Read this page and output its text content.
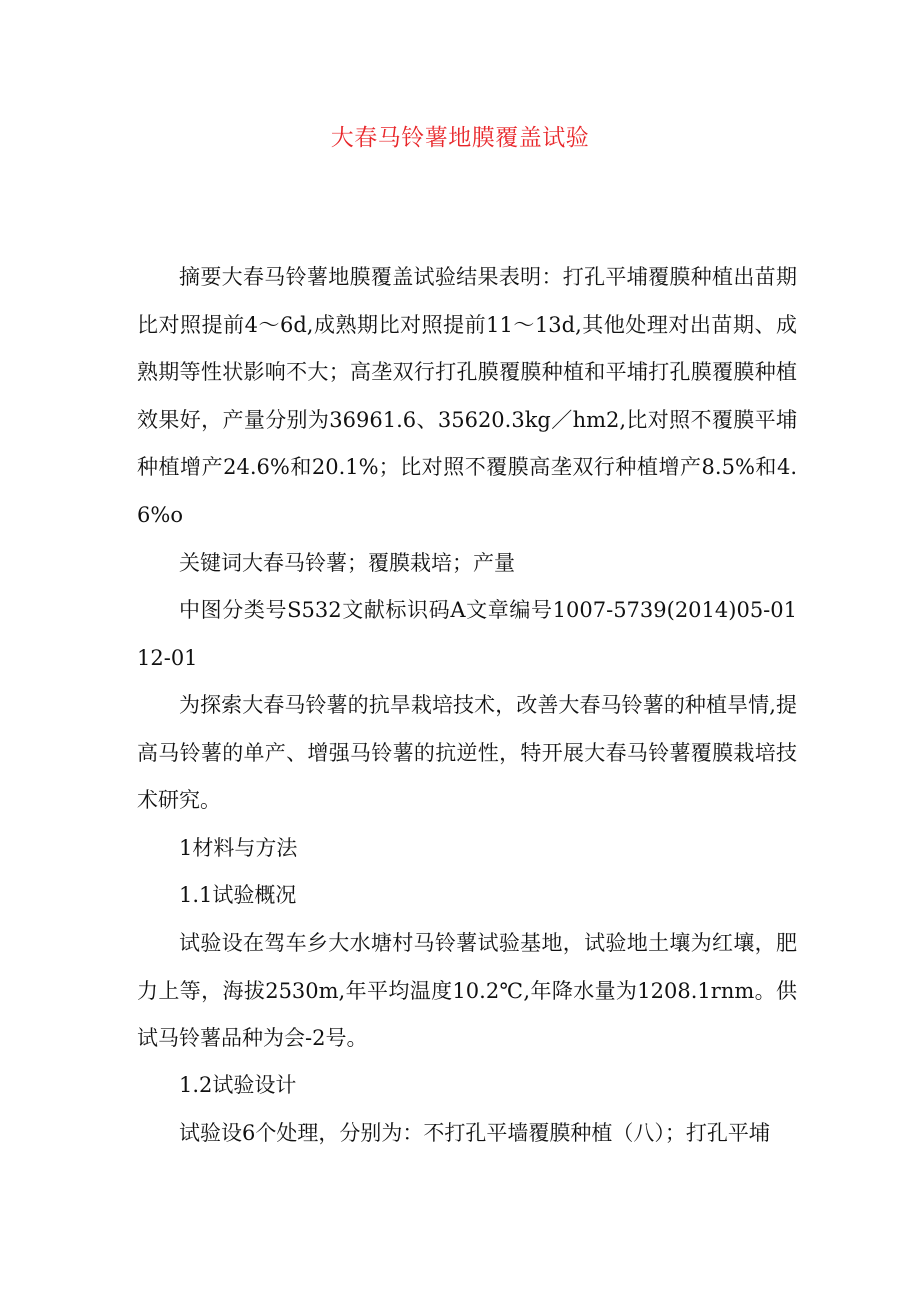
大春马铃薯地膜覆盖试验

摘要大春马铃薯地膜覆盖试验结果表明：打孔平埔覆膜种植出苗期比对照提前4～6d,成熟期比对照提前11～13d,其他处理对出苗期、成熟期等性状影响不大；高垄双行打孔膜覆膜种植和平埔打孔膜覆膜种植效果好，产量分别为36961.6、35620.3kg／hm2,比对照不覆膜平埔种植增产24.6%和20.1%；比对照不覆膜高垄双行种植增产8.5%和4.6%o

关键词大春马铃薯；覆膜栽培；产量

中图分类号S532文献标识码A文章编号1007-5739(2014)05-0112-01

为探索大春马铃薯的抗旱栽培技术，改善大春马铃薯的种植旱情,提高马铃薯的单产、增强马铃薯的抗逆性，特开展大春马铃薯覆膜栽培技术研究。

1材料与方法

1.1试验概况

试验设在驾车乡大水塘村马铃薯试验基地，试验地土壤为红壤，肥力上等，海拔2530m,年平均温度10.2℃,年降水量为1208.1rnm。供试马铃薯品种为会-2号。

1.2试验设计

试验设6个处理，分别为：不打孔平墙覆膜种植（八）；打孔平埔
